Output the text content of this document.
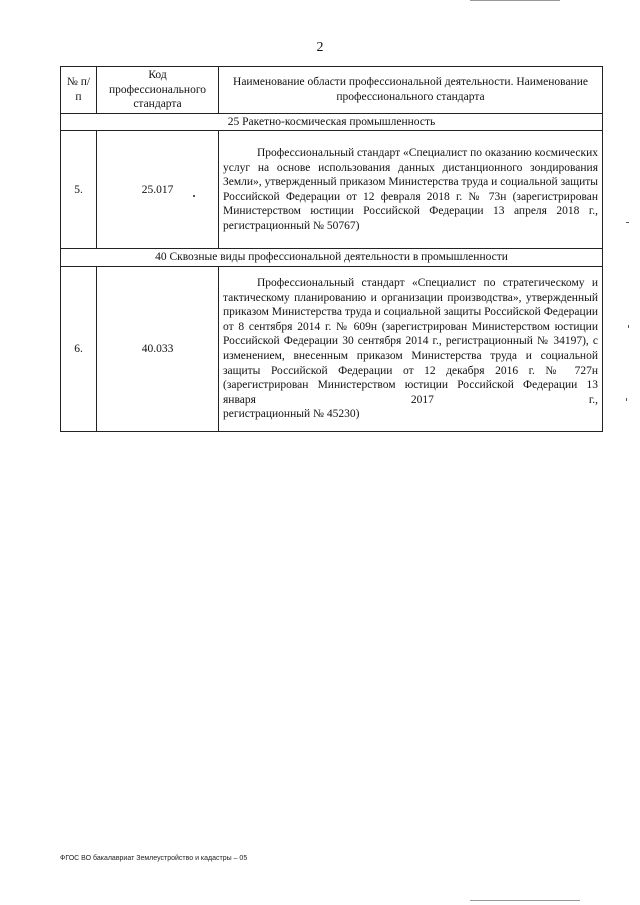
2
№ п/п	Код профессионального стандарта	Наименование области профессиональной деятельности. Наименование профессионального стандарта
25 Ракетно-космическая промышленность		
5.	25.017	Профессиональный стандарт «Специалист по оказанию космических услуг на основе использования данных дистанционного зондирования Земли», утвержденный приказом Министерства труда и социальной защиты Российской Федерации от 12 февраля 2018 г. № 73н (зарегистрирован Министерством юстиции Российской Федерации 13 апреля 2018 г.,
регистрационный № 50767)

40 Сквозные виды профессиональной деятельности в промышленности		
6.	40.033	Профессиональный стандарт «Специалист по стратегическому и тактическому планированию и организации производства», утвержденный приказом Министерства труда и социальной защиты Российской Федерации от 8 сентября 2014 г. № 609н (зарегистрирован Министерством юстиции Российской Федерации 30 сентября 2014 г., регистрационный № 34197), с изменением, внесенным приказом Министерства труда и социальной защиты Российской Федерации от 12 декабря 2016 г. № 727н (зарегистрирован Министерством юстиции Российской Федерации 13 января 2017 г.,
регистрационный № 45230)
ФГОС ВО бакалавриат Землеустройство и кадастры – 05
